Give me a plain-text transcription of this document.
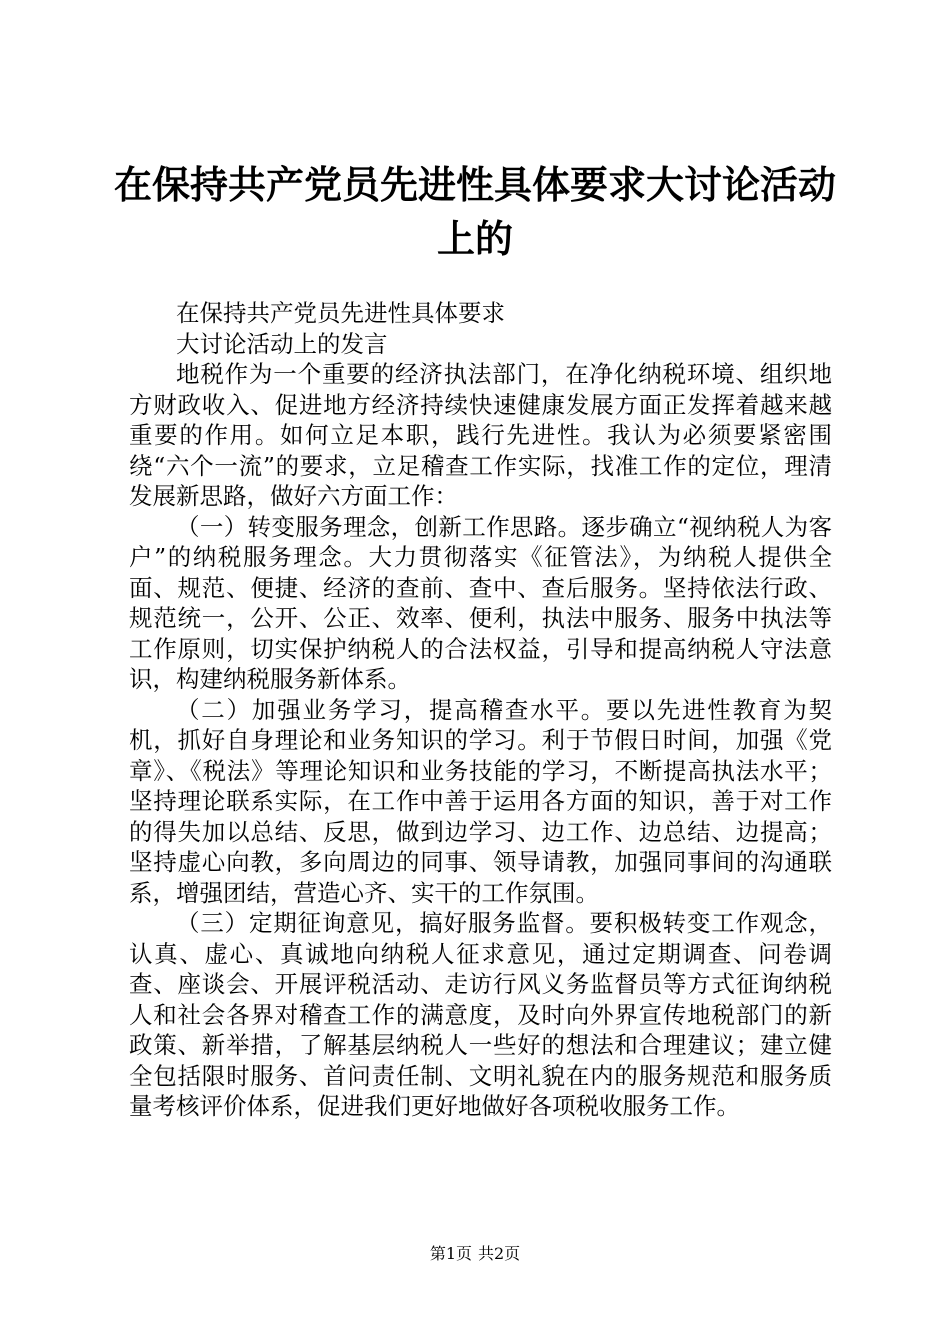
在保持共产党员先进性具体要求大讨论活动上的

在保持共产党员先进性具体要求

大讨论活动上的发言

地税作为一个重要的经济执法部门，在净化纳税环境、组织地方财政收入、促进地方经济持续快速健康发展方面正发挥着越来越重要的作用。如何立足本职，践行先进性。我认为必须要紧密围绕“六个一流”的要求，立足稽查工作实际，找准工作的定位，理清发展新思路，做好六方面工作：

（一）转变服务理念，创新工作思路。逐步确立“视纳税人为客户”的纳税服务理念。大力贯彻落实《征管法》，为纳税人提供全面、规范、便捷、经济的查前、查中、查后服务。坚持依法行政、规范统一，公开、公正、效率、便利，执法中服务、服务中执法等工作原则，切实保护纳税人的合法权益，引导和提高纳税人守法意识，构建纳税服务新体系。

（二）加强业务学习，提高稽查水平。要以先进性教育为契机，抓好自身理论和业务知识的学习。利于节假日时间，加强《党章》、《税法》等理论知识和业务技能的学习，不断提高执法水平；坚持理论联系实际，在工作中善于运用各方面的知识，善于对工作的得失加以总结、反思，做到边学习、边工作、边总结、边提高；坚持虚心向教，多向周边的同事、领导请教，加强同事间的沟通联系，增强团结，营造心齐、实干的工作氛围。

（三）定期征询意见，搞好服务监督。要积极转变工作观念，认真、虚心、真诚地向纳税人征求意见，通过定期调查、问卷调查、座谈会、开展评税活动、走访行风义务监督员等方式征询纳税人和社会各界对稽查工作的满意度，及时向外界宣传地税部门的新政策、新举措，了解基层纳税人一些好的想法和合理建议；建立健全包括限时服务、首问责任制、文明礼貌在内的服务规范和服务质量考核评价体系，促进我们更好地做好各项税收服务工作。

第1页 共2页
